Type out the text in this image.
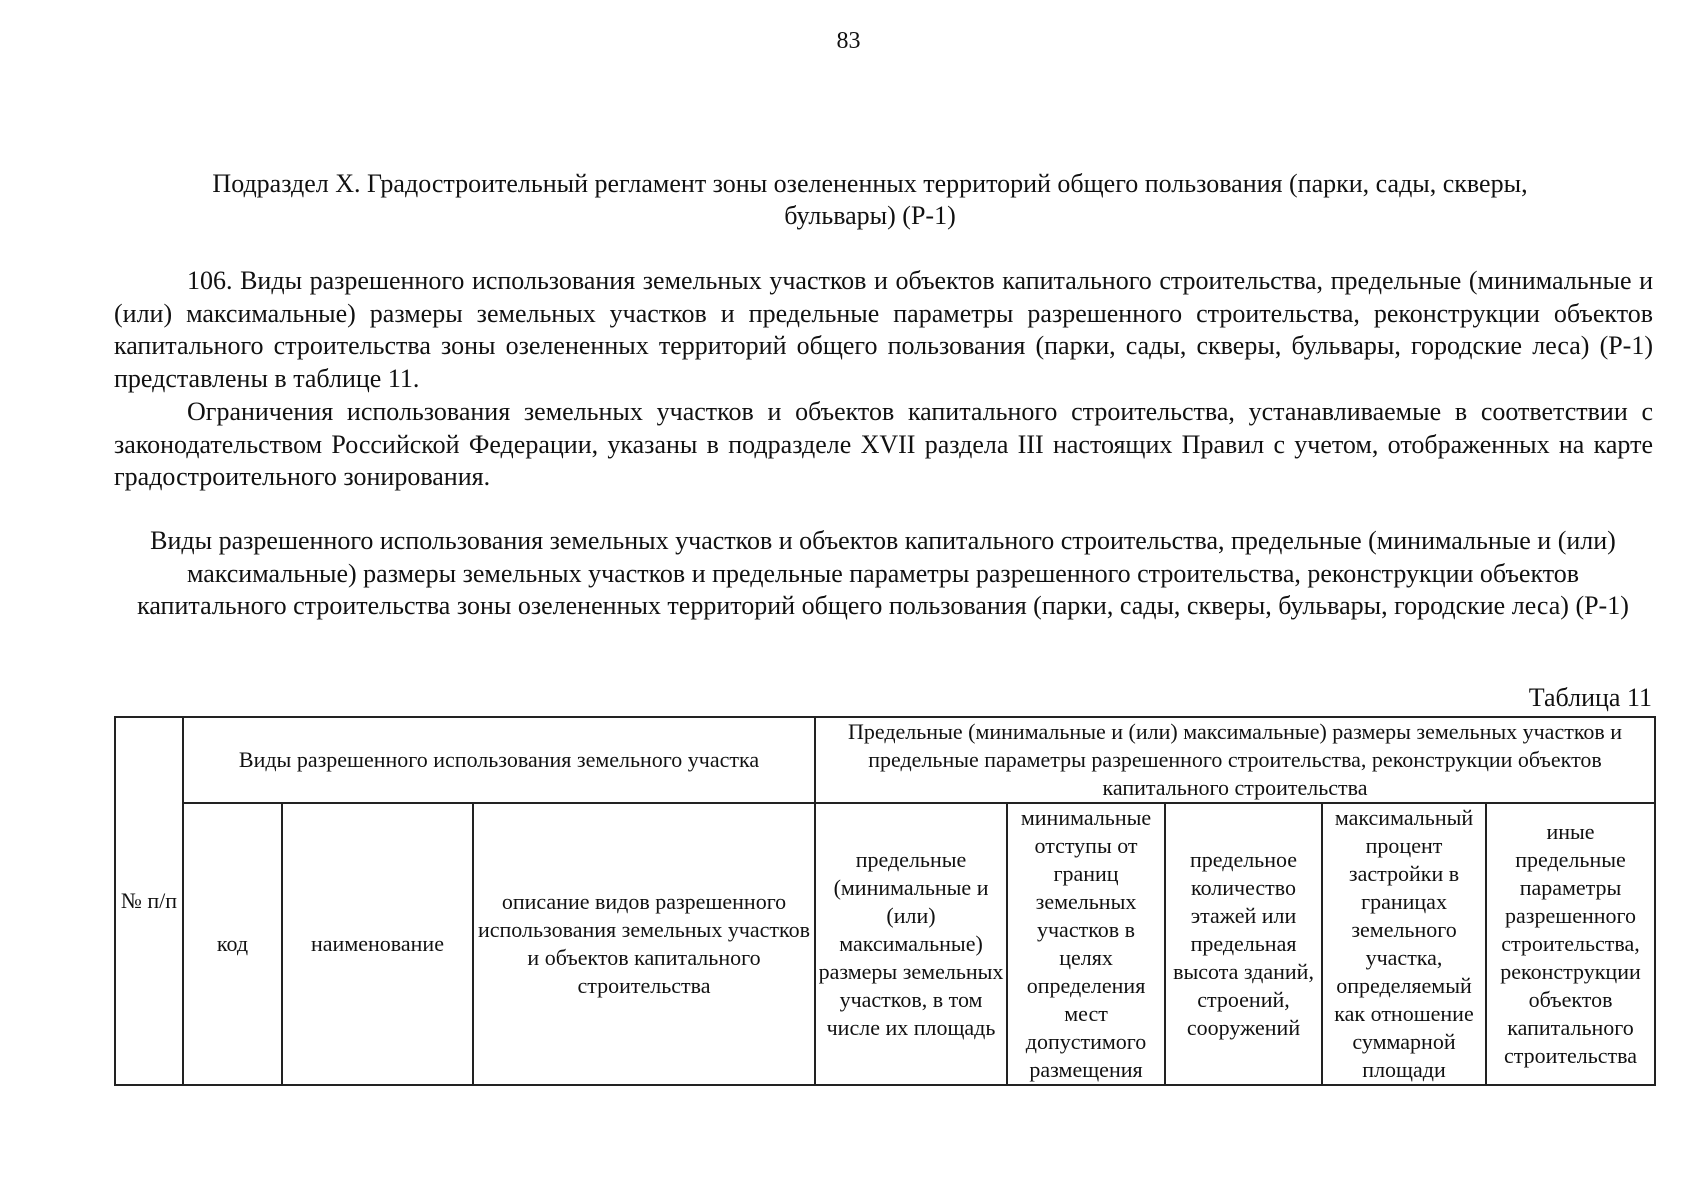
83
Подраздел X. Градостроительный регламент зоны озелененных территорий общего пользования (парки, сады, скверы,
бульвары) (Р-1)

106. Виды разрешенного использования земельных участков и объектов капитального строительства, предельные (минимальные и (или) максимальные) размеры земельных участков и предельные параметры разрешенного строительства, реконструкции объектов капитального строительства зоны озелененных территорий общего пользования (парки, сады, скверы, бульвары, городские леса) (Р-1) представлены в таблице 11.

Ограничения использования земельных участков и объектов капитального строительства, устанавливаемые в соответствии с законодательством Российской Федерации, указаны в подразделе XVII раздела III настоящих Правил с учетом, отображенных на карте градостроительного зонирования.

Виды разрешенного использования земельных участков и объектов капитального строительства, предельные (минимальные и (или) максимальные) размеры земельных участков и предельные параметры разрешенного строительства, реконструкции объектов капитального строительства зоны озелененных территорий общего пользования (парки, сады, скверы, бульвары, городские леса) (Р-1)
Таблица 11
№ п/п	Виды разрешенного использования земельного участка			Предельные (минимальные и (или) максимальные) размеры земельных участков и предельные параметры разрешенного строительства, реконструкции объектов капитального строительства				
	код	наименование	описание видов разрешенного использования земельных участков и объектов капитального строительства	предельные (минимальные и (или) максимальные) размеры земельных участков, в том числе их площадь	минимальные отступы от границ земельных участков в целях определения мест допустимого размещения	предельное количество этажей или предельная высота зданий, строений, сооружений	максимальный процент застройки в границах земельного участка, определяемый как отношение суммарной площади	иные предельные параметры разрешенного строительства, реконструкции объектов капитального строительства
